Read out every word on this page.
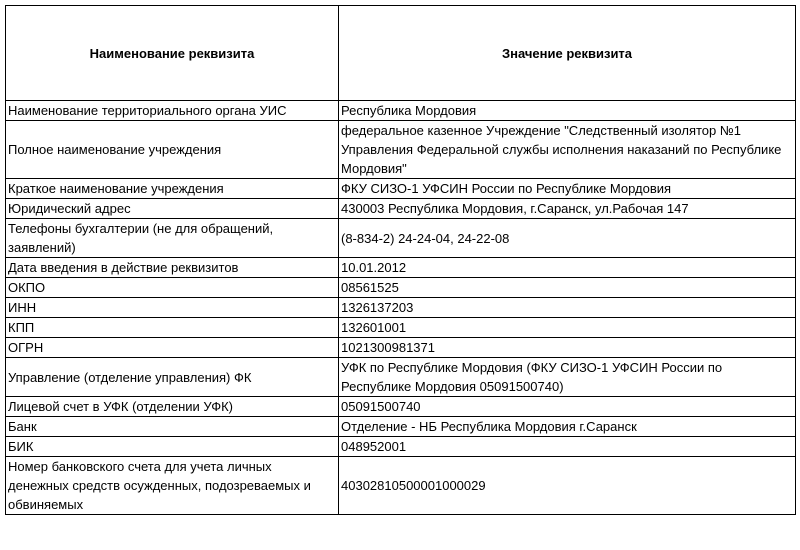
Наименование реквизита	Значение реквизита
Наименование территориального органа УИС	Республика Мордовия
Полное наименование учреждения	федеральное казенное Учреждение "Следственный изолятор №1 Управления Федеральной службы исполнения наказаний по Республике Мордовия"
Краткое наименование учреждения	ФКУ СИЗО-1 УФСИН России по Республике Мордовия
Юридический адрес	430003 Республика Мордовия, г.Саранск, ул.Рабочая 147
Телефоны бухгалтерии (не для обращений, заявлений)	(8-834-2) 24-24-04, 24-22-08
Дата введения в действие реквизитов	10.01.2012
ОКПО	08561525
ИНН	1326137203
КПП	132601001
ОГРН	1021300981371
Управление (отделение управления) ФК	УФК по Республике Мордовия (ФКУ СИЗО-1 УФСИН России по Республике Мордовия 05091500740)
Лицевой счет в УФК (отделении УФК)	05091500740
Банк	Отделение - НБ Республика Мордовия г.Саранск
БИК	048952001
Номер банковского счета для учета личных денежных средств осужденных, подозреваемых и обвиняемых	40302810500001000029
